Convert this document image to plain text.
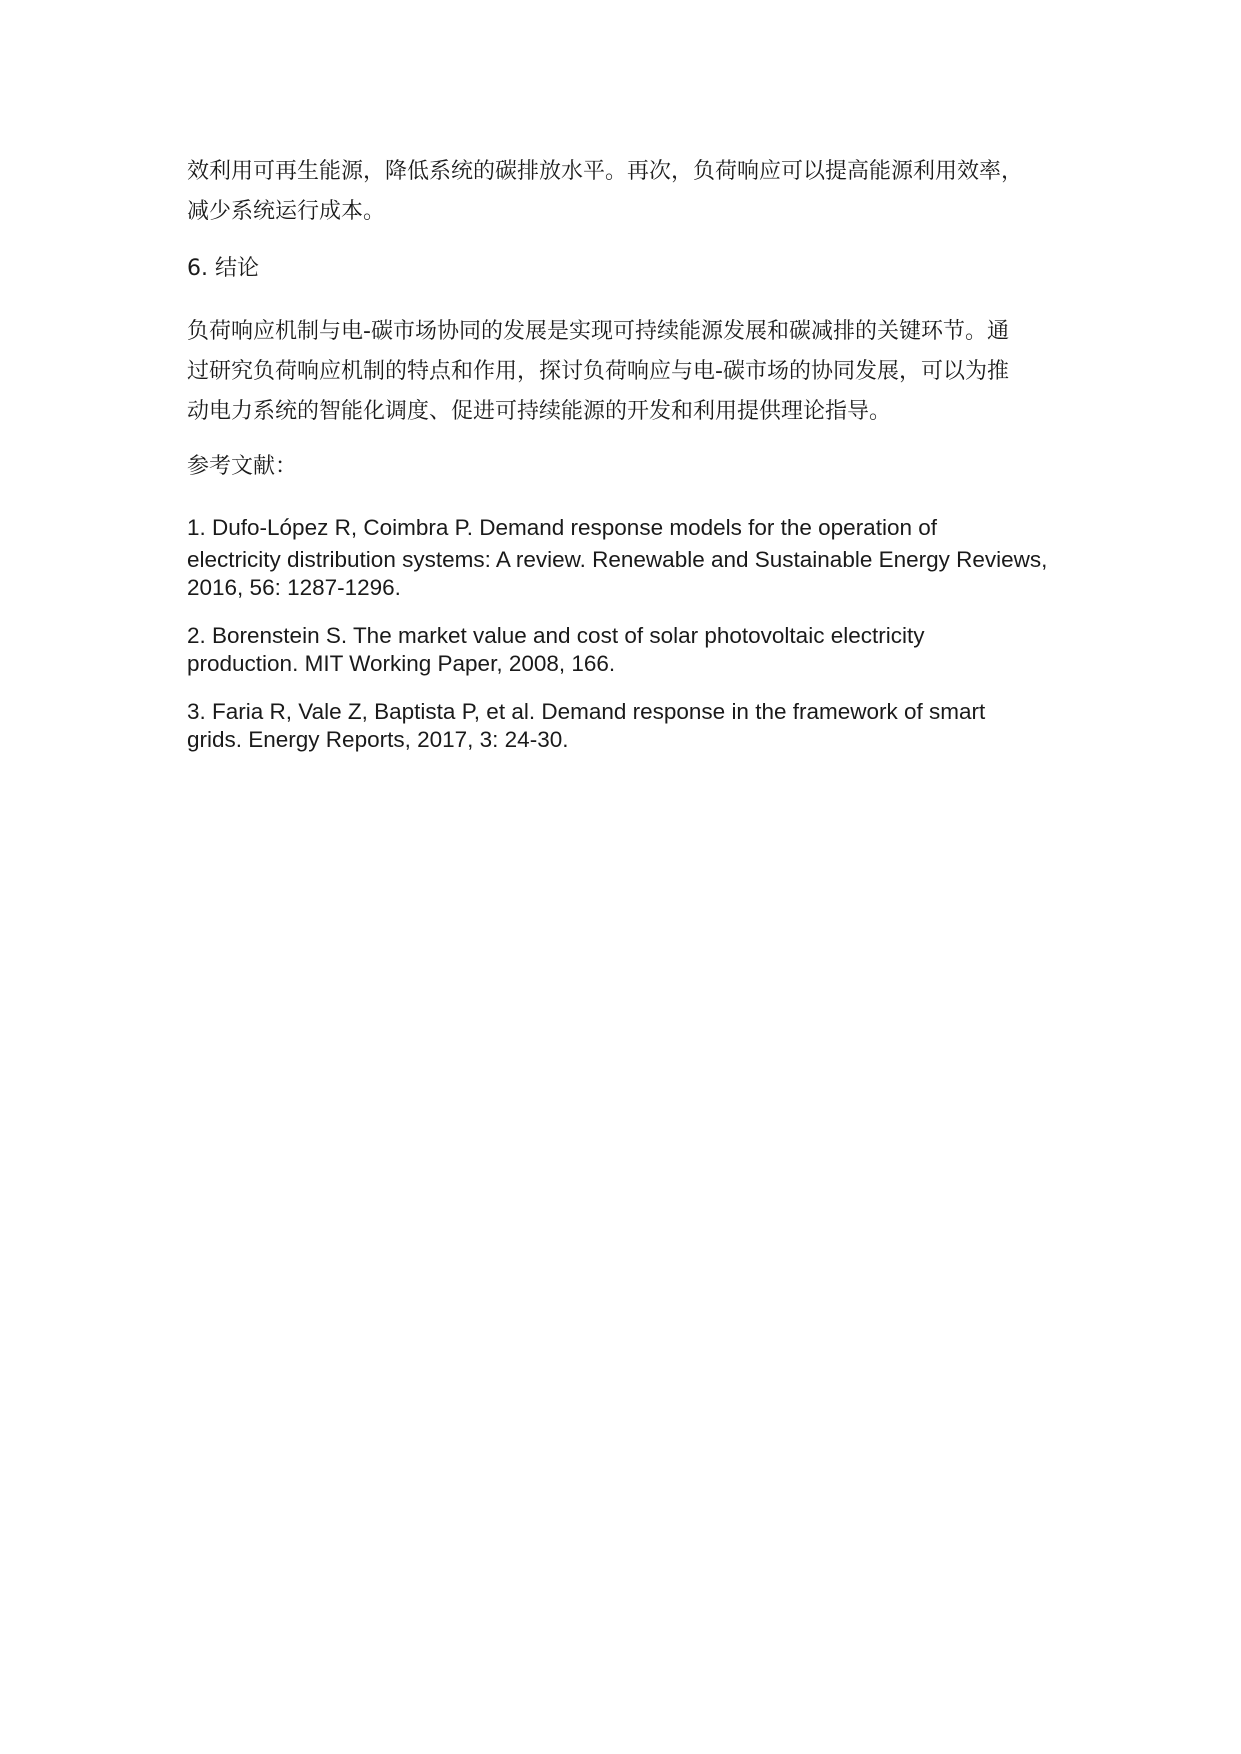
效利用可再生能源，降低系统的碳排放水平。再次，负荷响应可以提高能源利用效率，
减少系统运行成本。

6. 结论

负荷响应机制与电-碳市场协同的发展是实现可持续能源发展和碳减排的关键环节。通
过研究负荷响应机制的特点和作用，探讨负荷响应与电-碳市场的协同发展，可以为推
动电力系统的智能化调度、促进可持续能源的开发和利用提供理论指导。

参考文献：

1. Dufo-López R, Coimbra P. Demand response models for the operation of
electricity distribution systems: A review. Renewable and Sustainable Energy Reviews,
2016, 56: 1287-1296.

2. Borenstein S. The market value and cost of solar photovoltaic electricity
production. MIT Working Paper, 2008, 166.

3. Faria R, Vale Z, Baptista P, et al. Demand response in the framework of smart
grids. Energy Reports, 2017, 3: 24-30.
